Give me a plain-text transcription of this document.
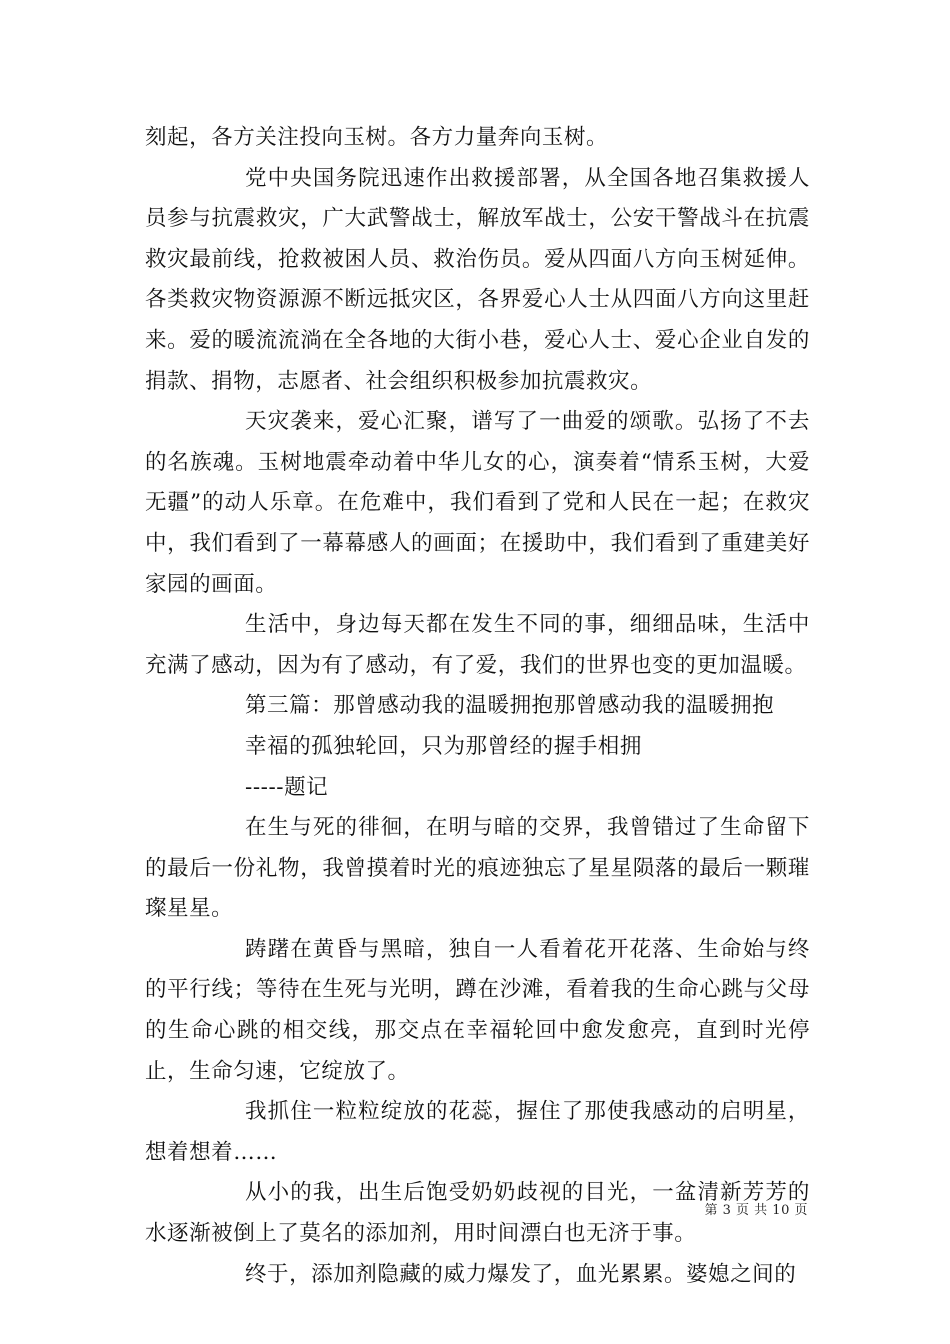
刻起，各方关注投向玉树。各方力量奔向玉树。

党中央国务院迅速作出救援部署，从全国各地召集救援人员参与抗震救灾，广大武警战士，解放军战士，公安干警战斗在抗震救灾最前线，抢救被困人员、救治伤员。爱从四面八方向玉树延伸。各类救灾物资源源不断远抵灾区，各界爱心人士从四面八方向这里赶来。爱的暖流流淌在全各地的大街小巷，爱心人士、爱心企业自发的捐款、捐物，志愿者、社会组织积极参加抗震救灾。

天灾袭来，爱心汇聚，谱写了一曲爱的颂歌。弘扬了不去的名族魂。玉树地震牵动着中华儿女的心，演奏着“情系玉树，大爱无疆”的动人乐章。在危难中，我们看到了党和人民在一起；在救灾中，我们看到了一幕幕感人的画面；在援助中，我们看到了重建美好家园的画面。

生活中，身边每天都在发生不同的事，细细品味，生活中充满了感动，因为有了感动，有了爱，我们的世界也变的更加温暖。

第三篇：那曾感动我的温暖拥抱那曾感动我的温暖拥抱

幸福的孤独轮回，只为那曾经的握手相拥

-----题记

在生与死的徘徊，在明与暗的交界，我曾错过了生命留下的最后一份礼物，我曾摸着时光的痕迹独忘了星星陨落的最后一颗璀璨星星。

踌躇在黄昏与黑暗，独自一人看着花开花落、生命始与终的平行线；等待在生死与光明，蹲在沙滩，看着我的生命心跳与父母的生命心跳的相交线，那交点在幸福轮回中愈发愈亮，直到时光停止，生命匀速，它绽放了。

我抓住一粒粒绽放的花蕊，握住了那使我感动的启明星，想着想着……

从小的我，出生后饱受奶奶歧视的目光，一盆清新芳芳的水逐渐被倒上了莫名的添加剂，用时间漂白也无济于事。

终于，添加剂隐藏的威力爆发了，血光累累。婆媳之间的

第 3 页 共 10 页
